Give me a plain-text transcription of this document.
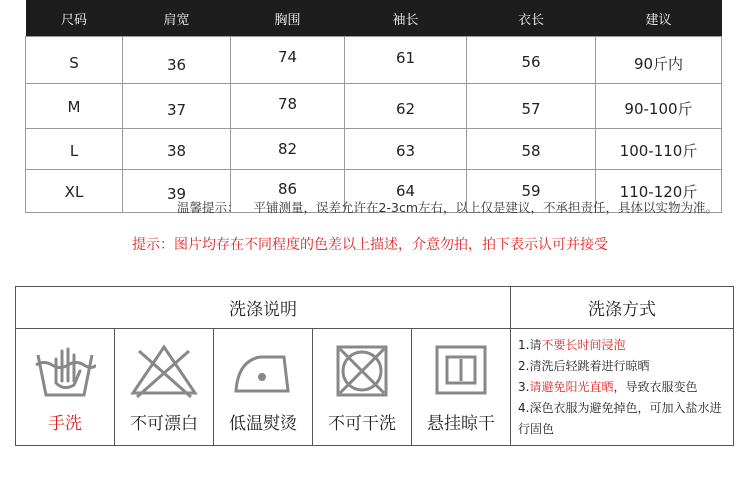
尺码	肩宽	胸围	袖长	衣长	建议
S	36	74	61	56	90斤内
M	37	78	62	57	90-100斤
L	38	82	63	58	100-110斤
XL	39	86	64	59	110-120斤
温馨提示： 平铺测量，误差允许在2-3cm左右，以上仅是建议，不承担责任，具体以实物为准。
提示：图片均存在不同程度的色差以上描述，介意勿拍，拍下表示认可并接受
洗涤说明	洗涤方式
手洗	不可漂白	低温熨烫	不可干洗	悬挂晾干
1.请不要长时间浸泡
2.清洗后轻跳着进行晾晒
3.请避免阳光直晒，导致衣服变色
4.深色衣服为避免掉色，可加入盐水进行固色
